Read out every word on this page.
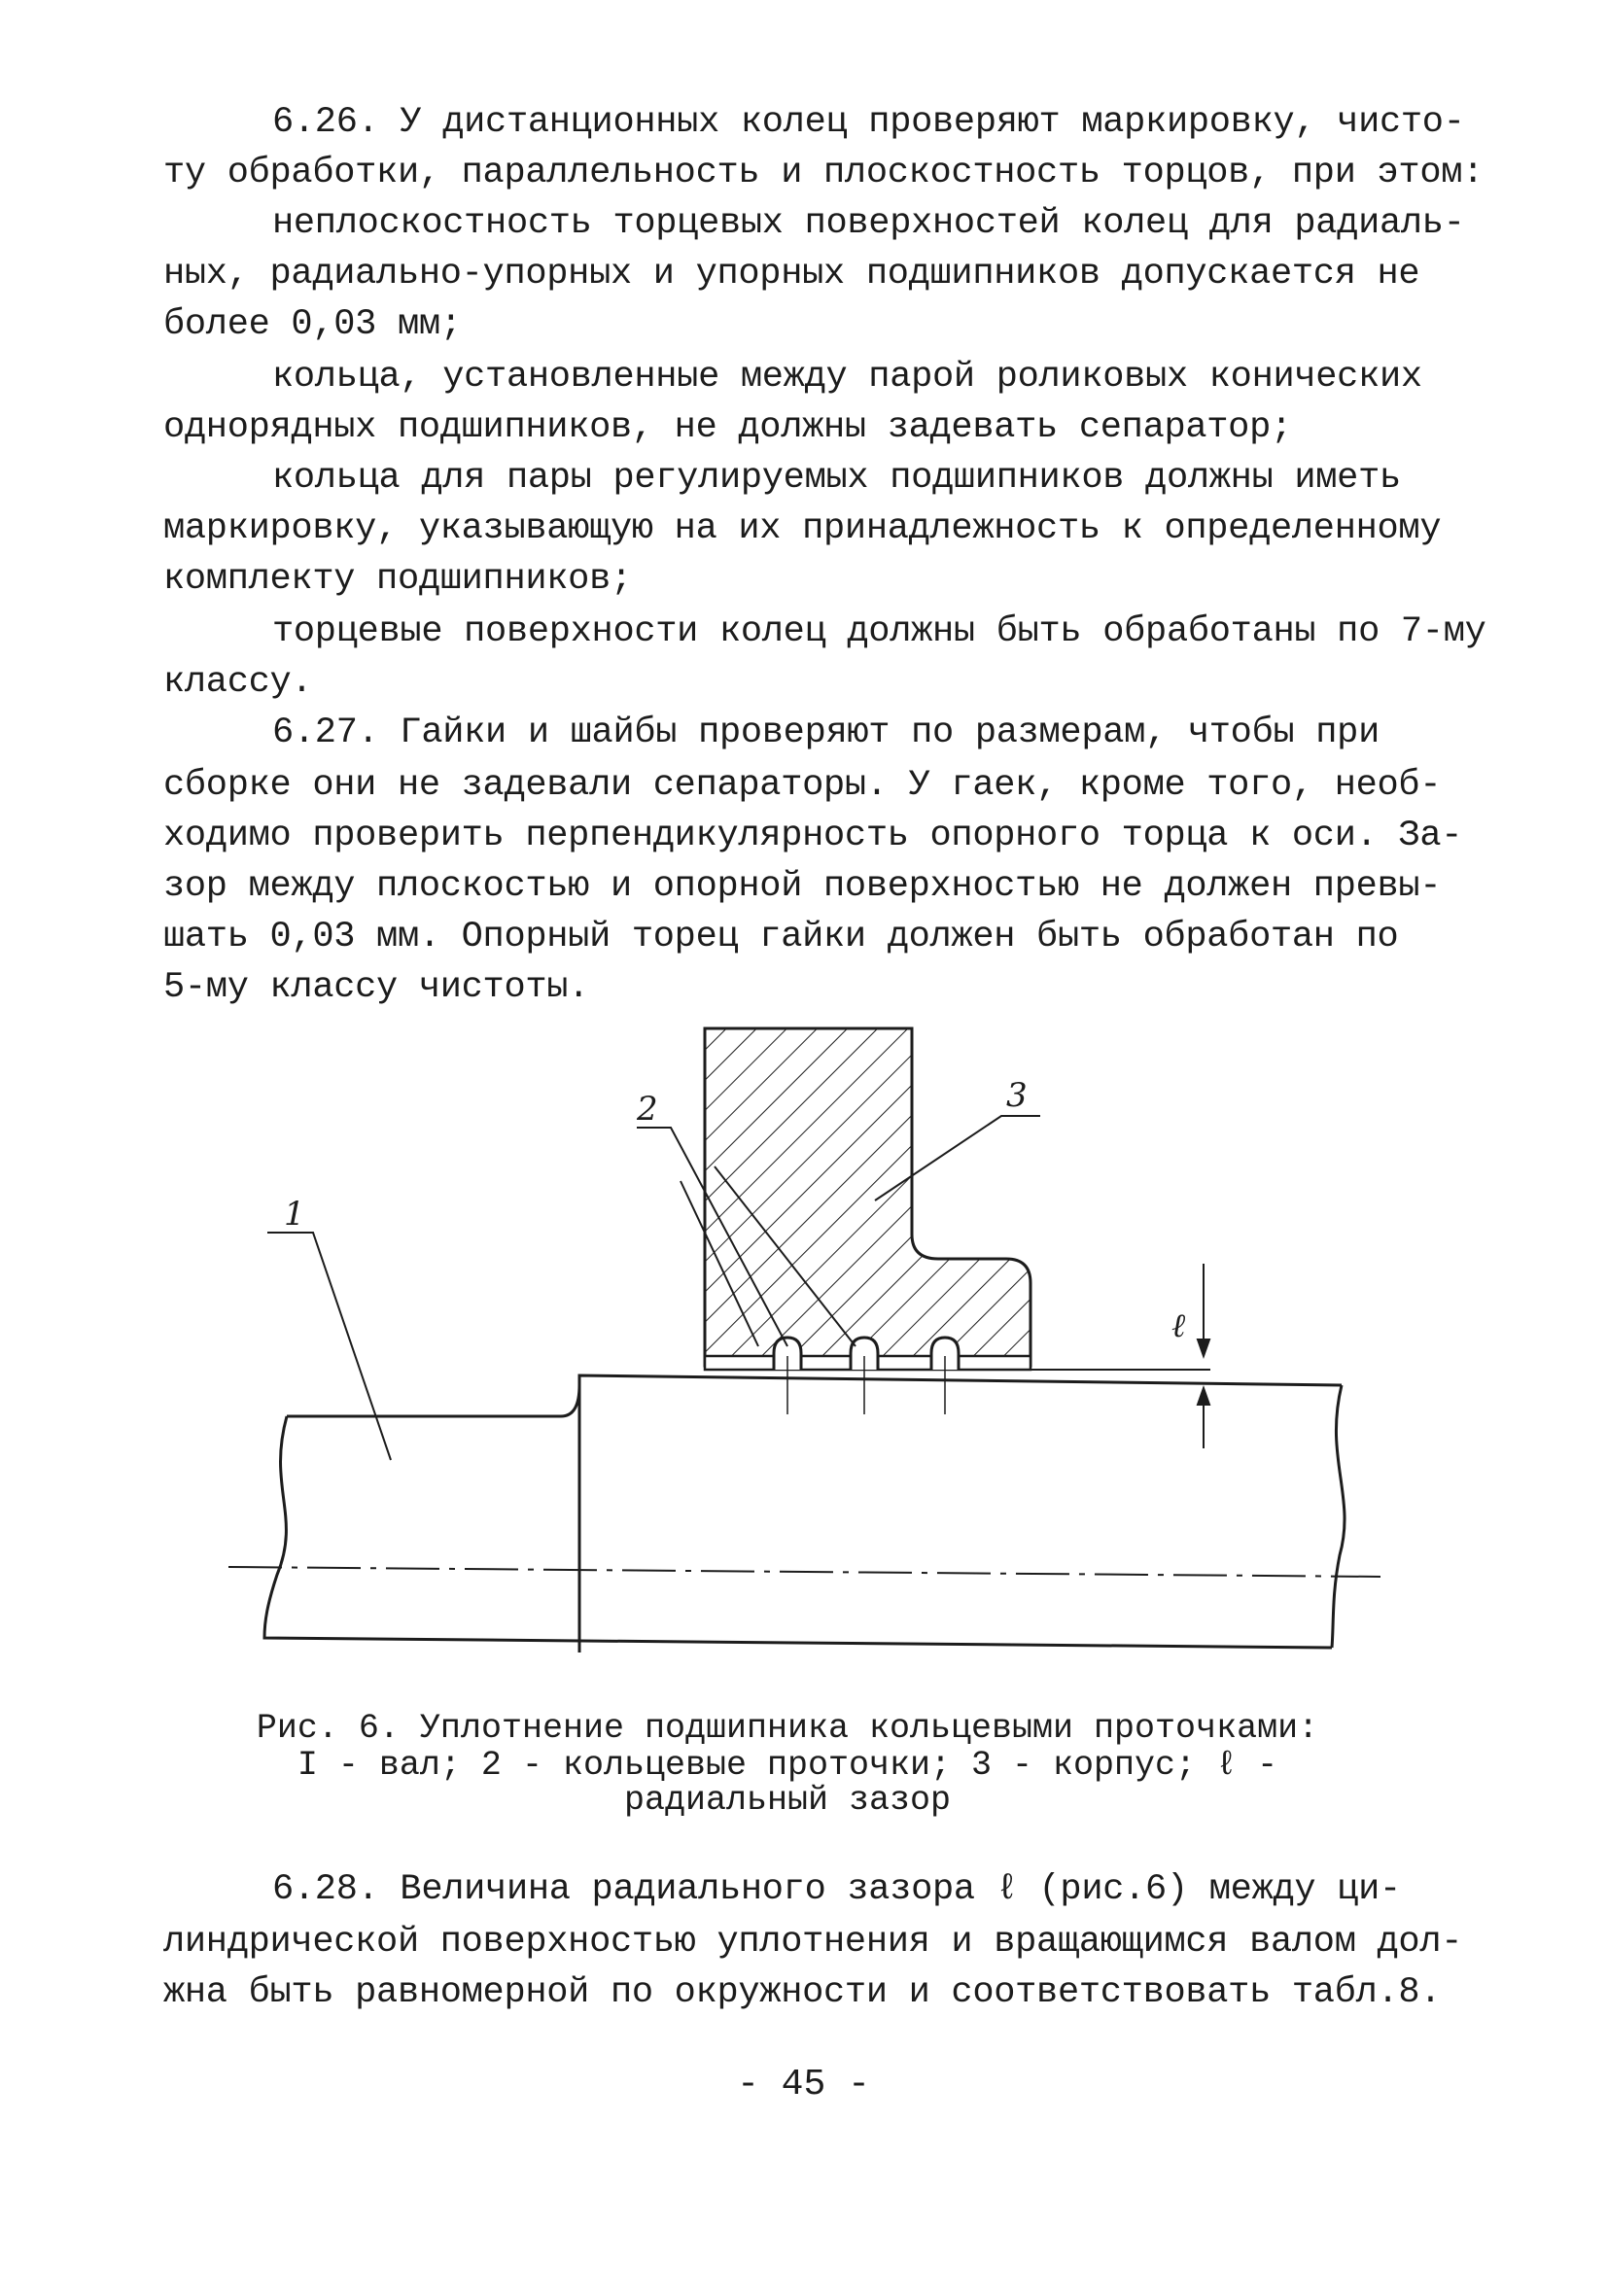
6.26. У дистанционных колец проверяют маркировку, чисто-
ту обработки, параллельность и плоскостность торцов, при этом:
неплоскостность торцевых поверхностей колец для радиаль-
ных, радиально-упорных и упорных подшипников допускается не
более 0,03 мм;
кольца, установленные между парой роликовых конических
однорядных подшипников, не должны задевать сепаратор;
кольца для пары регулируемых подшипников должны иметь
маркировку, указывающую на их принадлежность к определенному
комплекту подшипников;
торцевые поверхности колец должны быть обработаны по 7-му
классу.
6.27. Гайки и шайбы проверяют по размерам, чтобы при
сборке они не задевали сепараторы. У гаек, кроме того, необ-
ходимо проверить перпендикулярность опорного торца к оси. За-
зор между плоскостью и опорной поверхностью не должен превы-
шать 0,03 мм. Опорный торец гайки должен быть обработан по
5-му классу чистоты.
1
2	3
ℓ
Рис. 6. Уплотнение подшипника кольцевыми проточками:
I - вал; 2 - кольцевые проточки; 3 - корпус; ℓ -
радиальный зазор
6.28. Величина радиального зазора ℓ (рис.6) между ци-
линдрической поверхностью уплотнения и вращающимся валом дол-
жна быть равномерной по окружности и соответствовать табл.8.
- 45 -
